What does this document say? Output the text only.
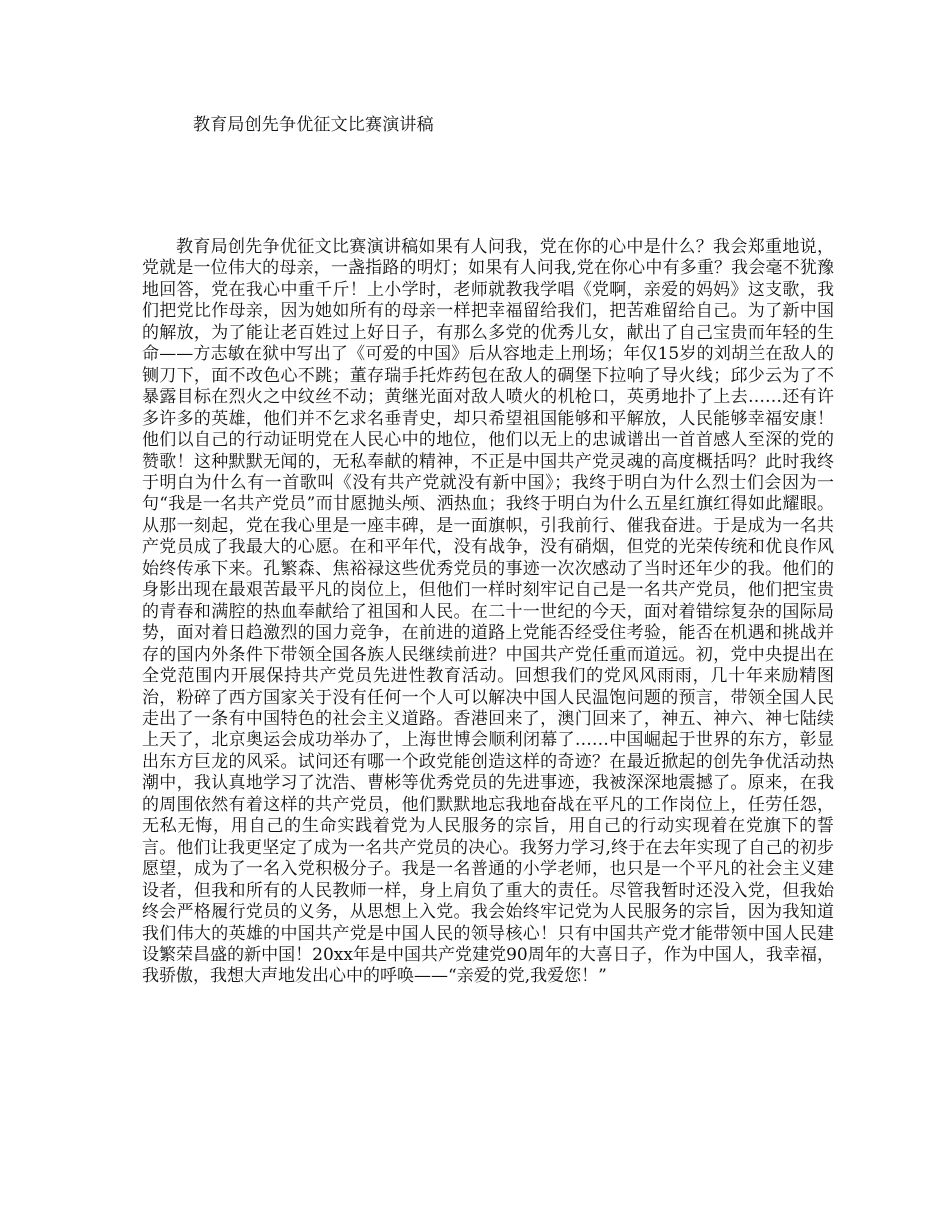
教育局创先争优征文比赛演讲稿

教育局创先争优征文比赛演讲稿如果有人问我，党在你的心中是什么？我会郑重地说，党就是一位伟大的母亲，一盏指路的明灯；如果有人问我,党在你心中有多重？我会毫不犹豫地回答，党在我心中重千斤！上小学时，老师就教我学唱《党啊，亲爱的妈妈》这支歌，我们把党比作母亲，因为她如所有的母亲一样把幸福留给我们，把苦难留给自己。为了新中国的解放，为了能让老百姓过上好日子，有那么多党的优秀儿女，献出了自己宝贵而年轻的生命——方志敏在狱中写出了《可爱的中国》后从容地走上刑场；年仅15岁的刘胡兰在敌人的铡刀下，面不改色心不跳；董存瑞手托炸药包在敌人的碉堡下拉响了导火线；邱少云为了不暴露目标在烈火之中纹丝不动；黄继光面对敌人喷火的机枪口，英勇地扑了上去……还有许多许多的英雄，他们并不乞求名垂青史，却只希望祖国能够和平解放，人民能够幸福安康！他们以自己的行动证明党在人民心中的地位，他们以无上的忠诚谱出一首首感人至深的党的赞歌！这种默默无闻的，无私奉献的精神，不正是中国共产党灵魂的高度概括吗？此时我终于明白为什么有一首歌叫《没有共产党就没有新中国》；我终于明白为什么烈士们会因为一句“我是一名共产党员”而甘愿抛头颅、洒热血；我终于明白为什么五星红旗红得如此耀眼。从那一刻起，党在我心里是一座丰碑，是一面旗帜，引我前行、催我奋进。于是成为一名共产党员成了我最大的心愿。在和平年代，没有战争，没有硝烟，但党的光荣传统和优良作风始终传承下来。孔繁森、焦裕禄这些优秀党员的事迹一次次感动了当时还年少的我。他们的身影出现在最艰苦最平凡的岗位上，但他们一样时刻牢记自己是一名共产党员，他们把宝贵的青春和满腔的热血奉献给了祖国和人民。在二十一世纪的今天，面对着错综复杂的国际局势，面对着日趋激烈的国力竞争，在前进的道路上党能否经受住考验，能否在机遇和挑战并存的国内外条件下带领全国各族人民继续前进？中国共产党任重而道远。初，党中央提出在全党范围内开展保持共产党员先进性教育活动。回想我们的党风风雨雨，几十年来励精图治，粉碎了西方国家关于没有任何一个人可以解决中国人民温饱问题的预言，带领全国人民走出了一条有中国特色的社会主义道路。香港回来了，澳门回来了，神五、神六、神七陆续上天了，北京奥运会成功举办了，上海世博会顺利闭幕了……中国崛起于世界的东方，彰显出东方巨龙的风采。试问还有哪一个政党能创造这样的奇迹？在最近掀起的创先争优活动热潮中，我认真地学习了沈浩、曹彬等优秀党员的先进事迹，我被深深地震撼了。原来，在我的周围依然有着这样的共产党员，他们默默地忘我地奋战在平凡的工作岗位上，任劳任怨，无私无悔，用自己的生命实践着党为人民服务的宗旨，用自己的行动实现着在党旗下的誓言。他们让我更坚定了成为一名共产党员的决心。我努力学习,终于在去年实现了自己的初步愿望，成为了一名入党积极分子。我是一名普通的小学老师，也只是一个平凡的社会主义建设者，但我和所有的人民教师一样，身上肩负了重大的责任。尽管我暂时还没入党，但我始终会严格履行党员的义务，从思想上入党。我会始终牢记党为人民服务的宗旨，因为我知道我们伟大的英雄的中国共产党是中国人民的领导核心！只有中国共产党才能带领中国人民建设繁荣昌盛的新中国！20xx年是中国共产党建党90周年的大喜日子，作为中国人，我幸福，我骄傲，我想大声地发出心中的呼唤——“亲爱的党,我爱您！”
